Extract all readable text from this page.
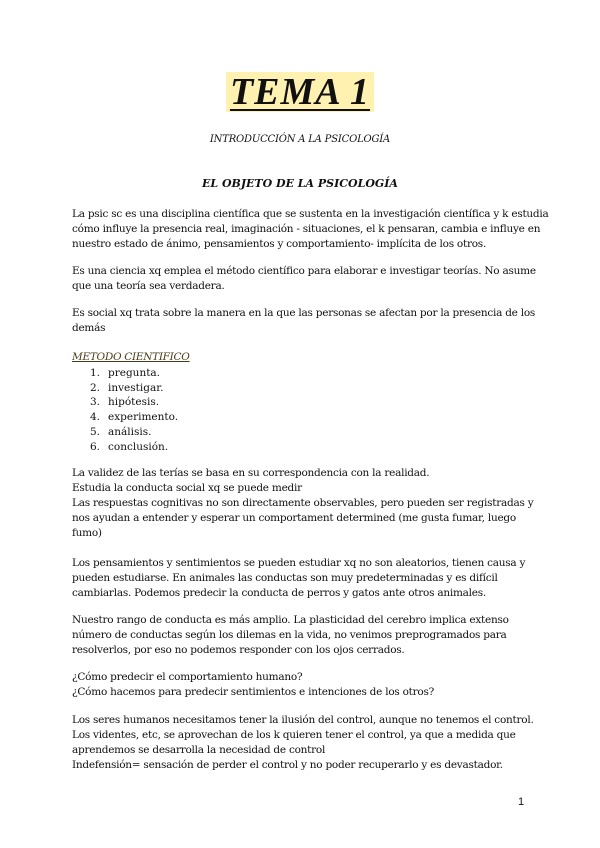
TEMA 1
INTRODUCCIÓN A LA PSICOLOGÍA
EL OBJETO DE LA PSICOLOGÍA
La psic sc es una disciplina científica que se sustenta en la investigación científica y k estudia
cómo influye la presencia real, imaginación - situaciones, el k pensaran, cambia e influye en
nuestro estado de ánimo, pensamientos y comportamiento- implícita de los otros.
Es una ciencia xq emplea el método científico para elaborar e investigar teorías. No asume
que una teoría sea verdadera.
Es social xq trata sobre la manera en la que las personas se afectan por la presencia de los
demás
METODO CIENTIFICO
1. pregunta.
2. investigar.
3. hipótesis.
4. experimento.
5. análisis.
6. conclusión.
La validez de las terías se basa en su correspondencia con la realidad.
Estudia la conducta social xq se puede medir
Las respuestas cognitivas no son directamente observables, pero pueden ser registradas y
nos ayudan a entender y esperar un comportament determined (me gusta fumar, luego
fumo)
Los pensamientos y sentimientos se pueden estudiar xq no son aleatorios, tienen causa y
pueden estudiarse. En animales las conductas son muy predeterminadas y es difícil
cambiarlas. Podemos predecir la conducta de perros y gatos ante otros animales.
Nuestro rango de conducta es más amplio. La plasticidad del cerebro implica extenso
número de conductas según los dilemas en la vida, no venimos preprogramados para
resolverlos, por eso no podemos responder con los ojos cerrados.
¿Cómo predecir el comportamiento humano?
¿Cómo hacemos para predecir sentimientos e intenciones de los otros?
Los seres humanos necesitamos tener la ilusión del control, aunque no tenemos el control.
Los videntes, etc, se aprovechan de los k quieren tener el control, ya que a medida que
aprendemos se desarrolla la necesidad de control
Indefensión= sensación de perder el control y no poder recuperarlo y es devastador.
1
